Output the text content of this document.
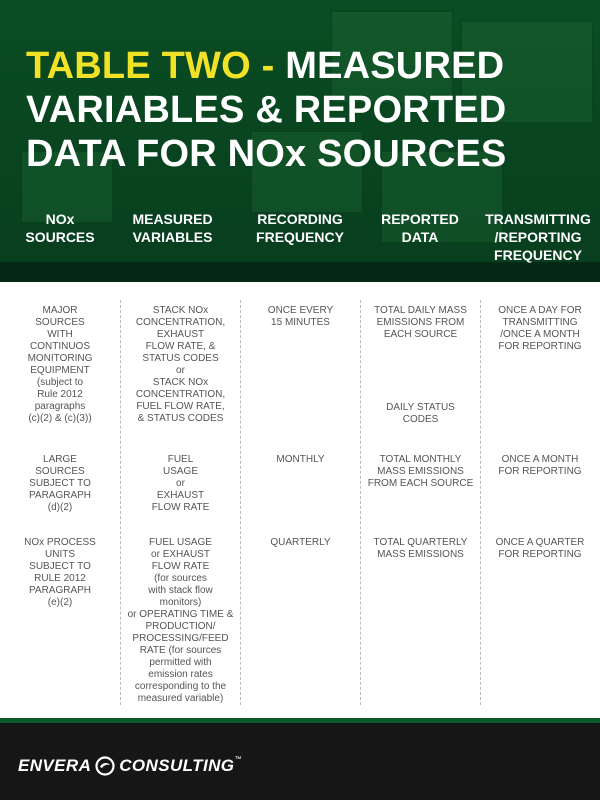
TABLE TWO - MEASURED VARIABLES & REPORTED DATA FOR NOx SOURCES
NOx
SOURCES
MEASURED
VARIABLES
RECORDING
FREQUENCY
REPORTED
DATA
TRANSMITTING
/REPORTING
FREQUENCY
MAJOR
SOURCES
WITH
CONTINUOS
MONITORING
EQUIPMENT
(subject to
Rule 2012
paragraphs
(c)(2) & (c)(3))
STACK NOx
CONCENTRATION,
EXHAUST
FLOW RATE, &
STATUS CODES
or
STACK NOx
CONCENTRATION,
FUEL FLOW RATE,
& STATUS CODES
ONCE EVERY
15 MINUTES
TOTAL DAILY MASS
EMISSIONS FROM
EACH SOURCE
DAILY STATUS
CODES
ONCE A DAY FOR
TRANSMITTING
/ONCE A MONTH
FOR REPORTING
LARGE
SOURCES
SUBJECT TO
PARAGRAPH
(d)(2)
FUEL
USAGE
or
EXHAUST
FLOW RATE
MONTHLY	TOTAL MONTHLY
MASS EMISSIONS
FROM EACH SOURCE
ONCE A MONTH
FOR REPORTING
NOx PROCESS
UNITS
SUBJECT TO
RULE 2012
PARAGRAPH
(e)(2)
FUEL USAGE
or EXHAUST
FLOW RATE
(for sources
with stack flow
monitors)
or OPERATING TIME &
PRODUCTION/
PROCESSING/FEED
RATE (for sources
permitted with
emission rates
corresponding to the
measured variable)
QUARTERLY	TOTAL QUARTERLY
MASS EMISSIONS
ONCE A QUARTER
FOR REPORTING
ENVERA CONSULTING ™
